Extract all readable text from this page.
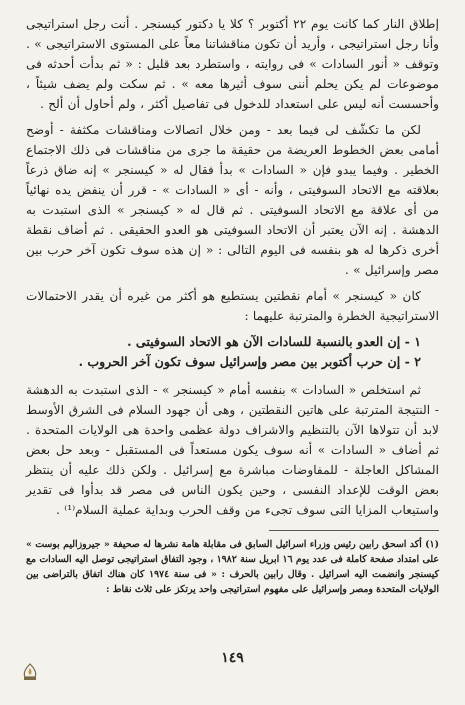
إطلاق النار كما كانت يوم ٢٢ أكتوبر ؟ كلا يا دكتور كيسنجر . أنت رجل استراتيجى وأنا رجل استراتيجى ، وأريد أن تكون مناقشاتنا معاً على المستوى الاستراتيجى » . وتوقف « أنور السادات » فى روايته ، واستطرد بعد قليل : « ثم بدأت أحدثه فى موضوعات لم يكن يحلم أننى سوف أثيرها معه » . ثم سكت ولم يضف شيئاً ، وأحسست أنه ليس على استعداد للدخول فى تفاصيل أكثر ، ولم أحاول أن ألح .

لكن ما تكشّف لى فيما بعد - ومن خلال اتصالات ومناقشات مكثفة - أوضح أمامى بعض الخطوط العريضة من حقيقة ما جرى من مناقشات فى ذلك الاجتماع الخطير . وفيما يبدو فإن « السادات » بدأ فقال له « كيسنجر » إنه ضاق ذرعاً بعلاقته مع الاتحاد السوفيتى ، وأنه - أى « السادات » - قرر أن ينفض يده نهائياً من أى علاقة مع الاتحاد السوفيتى . ثم قال له « كيسنجر » الذى استبدت به الدهشة . إنه الآن يعتبر أن الاتحاد السوفيتى هو العدو الحقيقى . ثم أضاف نقطة أخرى ذكرها له هو بنفسه فى اليوم التالى : « إن هذه سوف تكون آخر حرب بين مصر وإسرائيل » .

كان « كيسنجر » أمام نقطتين يستطيع هو أكثر من غيره أن يقدر الاحتمالات الاستراتيجية الخطرة والمترتبة عليهما :

١ - إن العدو بالنسبة للسادات الآن هو الاتحاد السوفيتى .
٢ - إن حرب أكتوبر بين مصر وإسرائيل سوف تكون آخر الحروب .

ثم استخلص « السادات » بنفسه أمام « كيسنجر » - الذى استبدت به الدهشة - النتيجة المترتبة على هاتين النقطتين ، وهى أن جهود السلام فى الشرق الأوسط لابد أن تتولاها الآن بالتنظيم والاشراف دولة عظمى واحدة هى الولايات المتحدة . ثم أضاف « السادات » أنه سوف يكون مستعداً فى المستقبل - وبعد حل بعض المشاكل العاجلة - للمفاوضات مباشرة مع إسرائيل . ولكن ذلك عليه أن ينتظر بعض الوقت للإعداد النفسى ، وحين يكون الناس فى مصر قد بدأوا فى تقدير واستيعاب المزايا التى سوف تجىء من وقف الحرب وبداية عملية السلام⁽¹⁾ .

(١) أكد اسحق رابين رئيس وزراء اسرائيل السابق فى مقابلة هامة نشرها له صحيفة « جيروزاليم بوست » على امتداد صفحة كاملة فى عدد يوم ١٦ ابريل سنة ١٩٨٢ ، وجود التفاق استراتيجى توصل اليه السادات مع كيسنجر وانضمت اليه اسرائيل . وقال رابين بالحرف : « فى سنة ١٩٧٤ كان هناك اتفاق بالتراضى بين الولايات المتحدة ومصر وإسرائيل على مفهوم استراتيجى واحد يرتكز على ثلاث نقاط :

١٤٩
